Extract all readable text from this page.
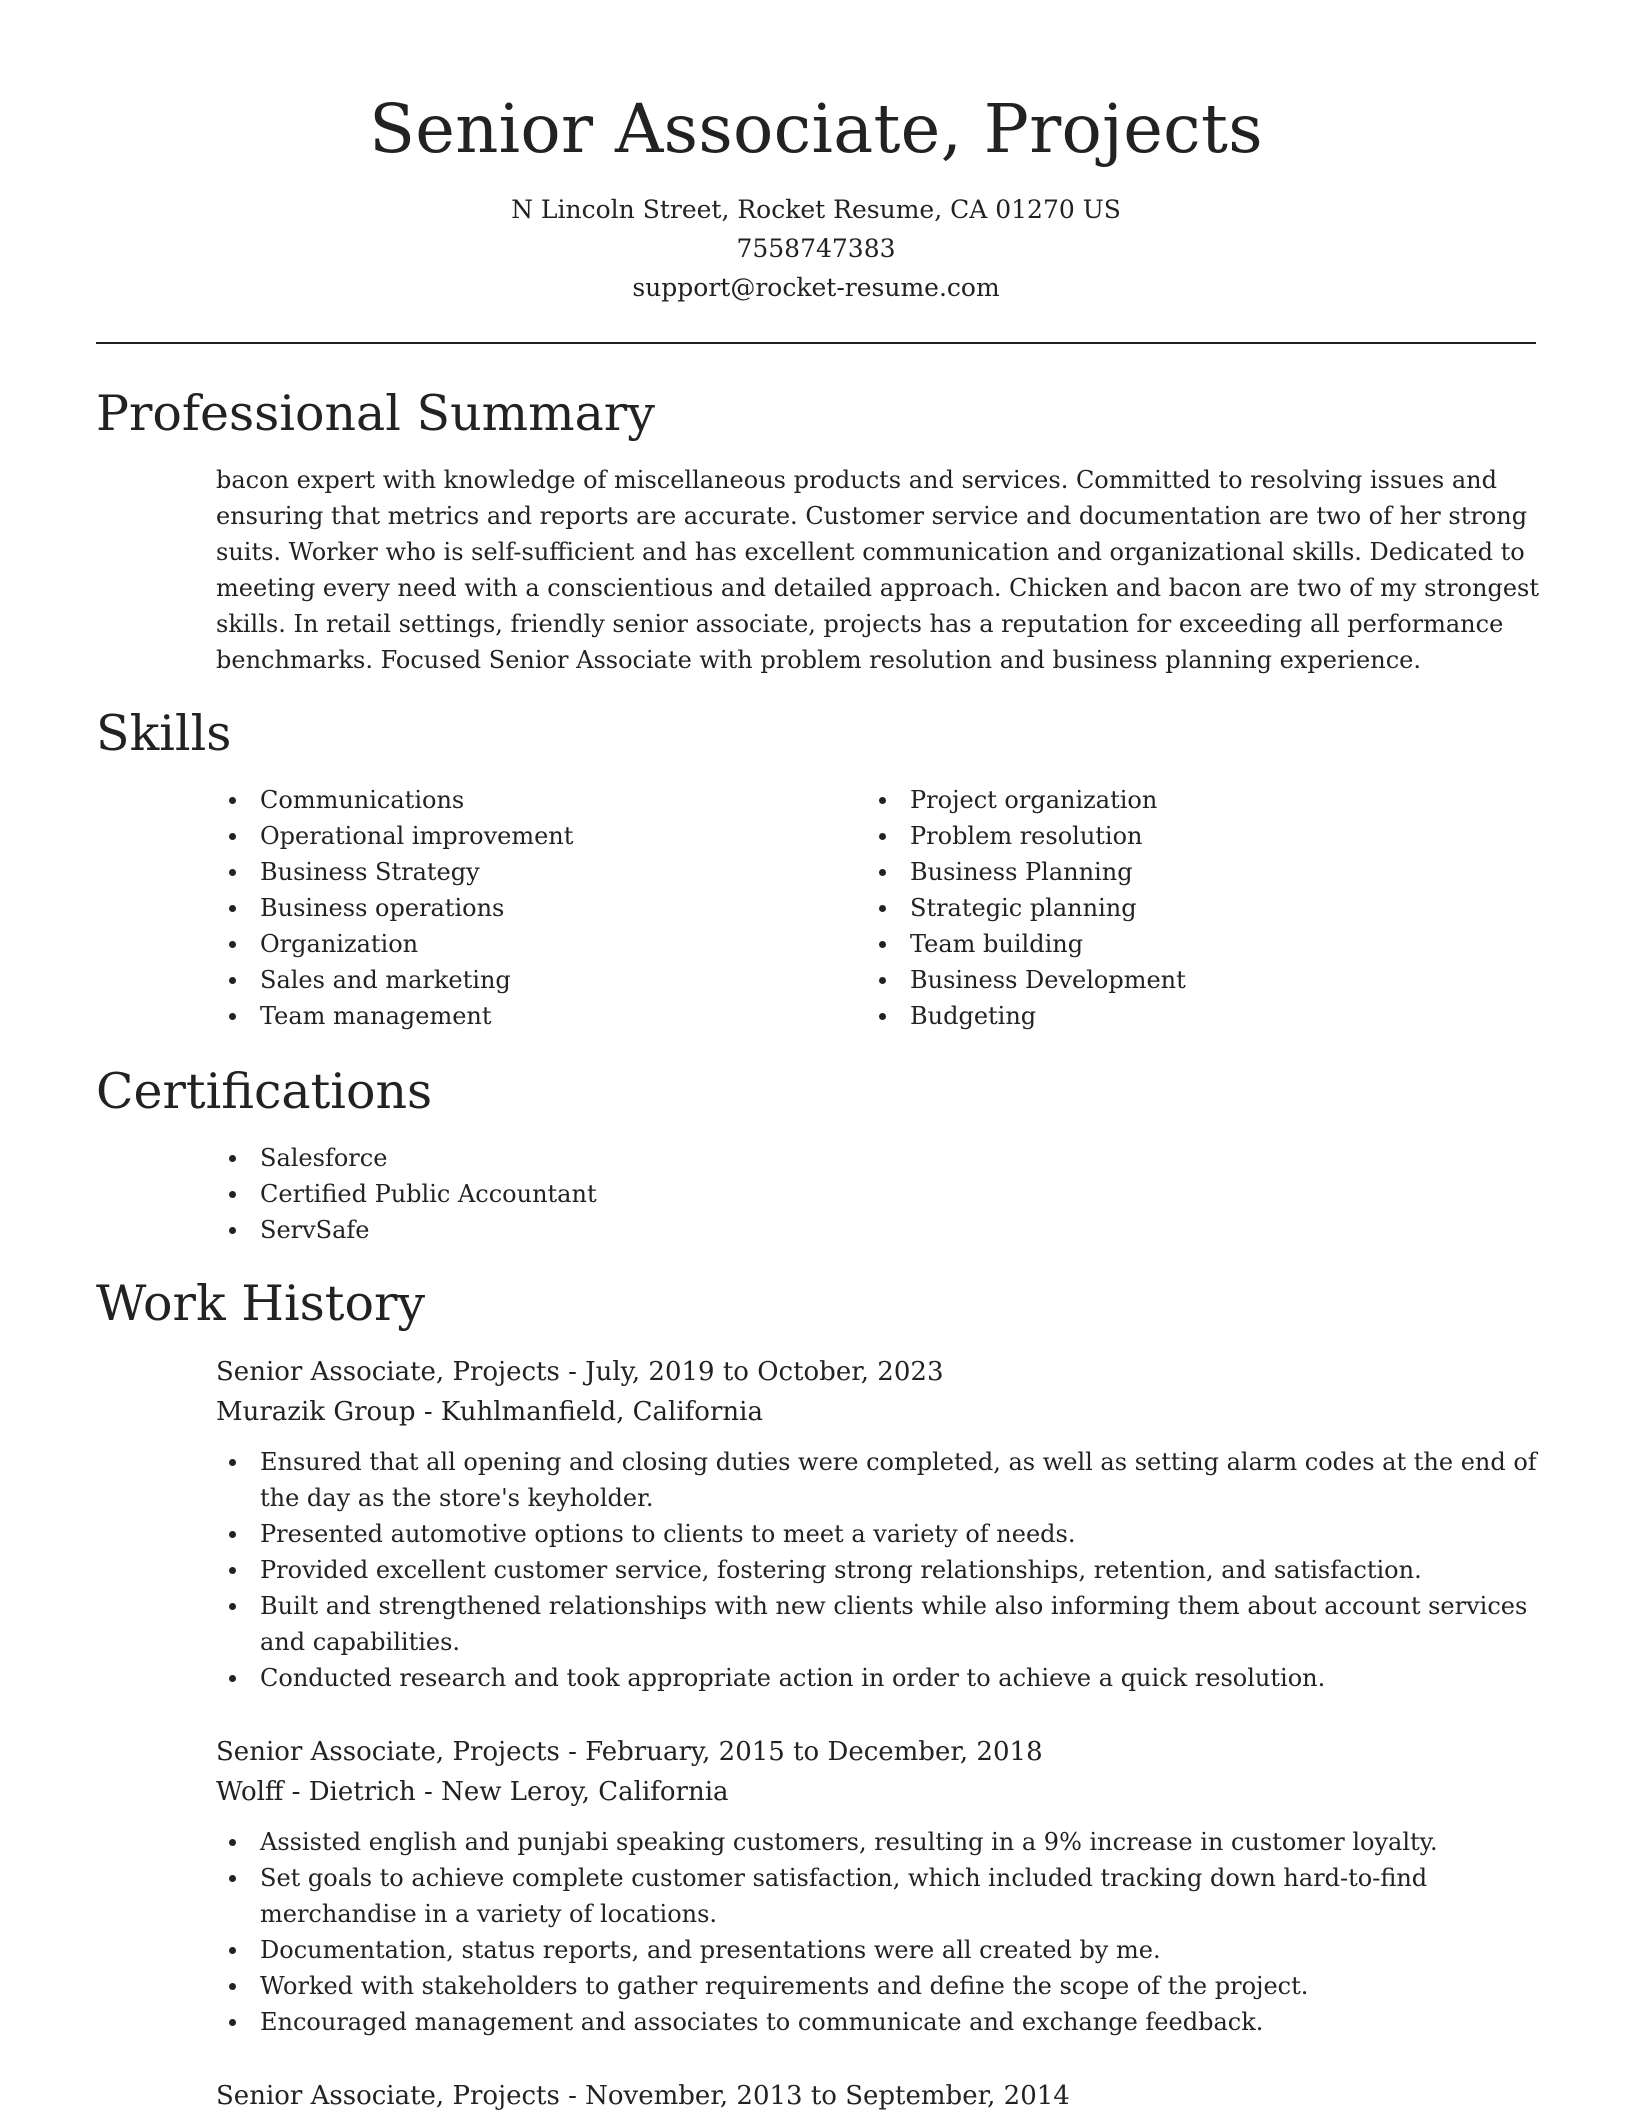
Senior Associate, Projects
N Lincoln Street, Rocket Resume, CA 01270 US
7558747383
support@rocket-resume.com
Professional Summary

bacon expert with knowledge of miscellaneous products and services. Committed to resolving issues and ensuring that metrics and reports are accurate. Customer service and documentation are two of her strong suits. Worker who is self-sufficient and has excellent communication and organizational skills. Dedicated to meeting every need with a conscientious and detailed approach. Chicken and bacon are two of my strongest skills. In retail settings, friendly senior associate, projects has a reputation for exceeding all performance benchmarks. Focused Senior Associate with problem resolution and business planning experience.

Skills
Communications
Operational improvement
Business Strategy
Business operations
Organization
Sales and marketing
Team management
Project organization
Problem resolution
Business Planning
Strategic planning
Team building
Business Development
Budgeting
Certifications
Salesforce
Certified Public Accountant
ServSafe
Work History
Senior Associate, Projects - July, 2019 to October, 2023
Murazik Group - Kuhlmanfield, California
Ensured that all opening and closing duties were completed, as well as setting alarm codes at the end of the day as the store's keyholder.
Presented automotive options to clients to meet a variety of needs.
Provided excellent customer service, fostering strong relationships, retention, and satisfaction.
Built and strengthened relationships with new clients while also informing them about account services and capabilities.
Conducted research and took appropriate action in order to achieve a quick resolution.
Senior Associate, Projects - February, 2015 to December, 2018
Wolff - Dietrich - New Leroy, California
Assisted english and punjabi speaking customers, resulting in a 9% increase in customer loyalty.
Set goals to achieve complete customer satisfaction, which included tracking down hard-to-find merchandise in a variety of locations.
Documentation, status reports, and presentations were all created by me.
Worked with stakeholders to gather requirements and define the scope of the project.
Encouraged management and associates to communicate and exchange feedback.
Senior Associate, Projects - November, 2013 to September, 2014
